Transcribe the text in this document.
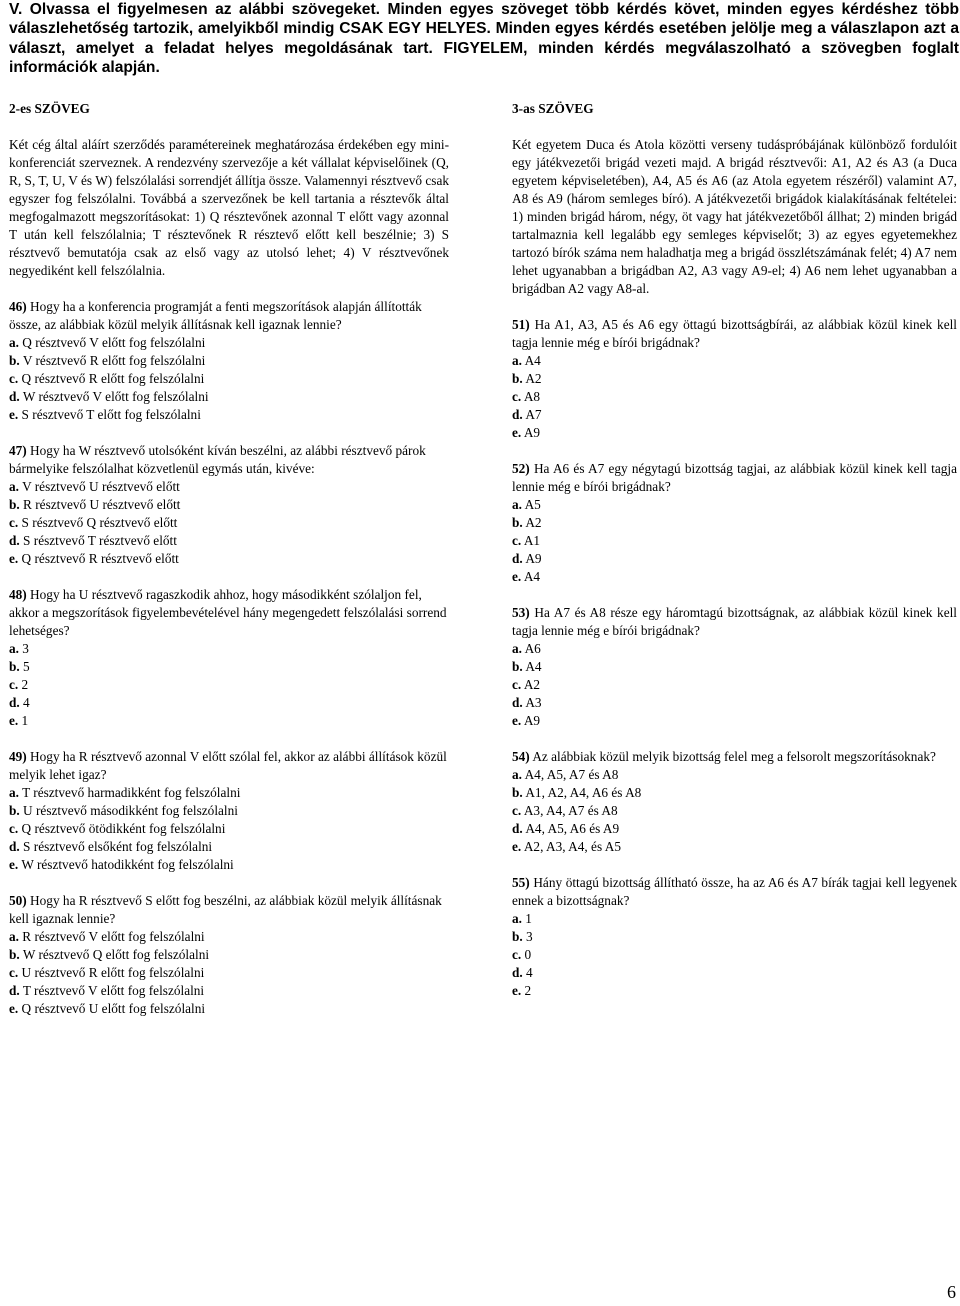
V. Olvassa el figyelmesen az alábbi szövegeket. Minden egyes szöveget több kérdés követ, minden egyes kérdéshez több válaszlehetőség tartozik, amelyikből mindig CSAK EGY HELYES. Minden egyes kérdés esetében jelölje meg a válaszlapon azt a választ, amelyet a feladat helyes megoldásának tart. FIGYELEM, minden kérdés megválaszolható a szövegben foglalt információk alapján.
2-es SZÖVEG
Két cég által aláírt szerződés paramétereinek meghatározása érdekében egy mini-konferenciát szerveznek. A rendezvény szervezője a két vállalat képviselőinek (Q, R, S, T, U, V és W) felszólalási sorrendjét állítja össze. Valamennyi résztvevő csak egyszer fog felszólalni. Továbbá a szervezőnek be kell tartania a résztevők által megfogalmazott megszorításokat: 1) Q résztevőnek azonnal T előtt vagy azonnal T után kell felszólalnia; T résztevőnek R résztevő előtt kell beszélnie; 3) S résztvevő bemutatója csak az első vagy az utolsó lehet; 4) V résztvevőnek negyediként kell felszólalnia.
46) Hogy ha a konferencia programját a fenti megszorítások alapján állították össze, az alábbiak közül melyik állításnak kell igaznak lennie?
a. Q résztvevő V előtt fog felszólalni
b. V résztvevő R előtt fog felszólalni
c. Q résztvevő R előtt fog felszólalni
d. W résztvevő V előtt fog felszólalni
e. S résztvevő T előtt fog felszólalni
47) Hogy ha W résztvevő utolsóként kíván beszélni, az alábbi résztvevő párok bármelyike felszólalhat közvetlenül egymás után, kivéve:
a. V résztvevő U résztvevő előtt
b. R résztvevő U résztvevő előtt
c. S résztvevő Q résztvevő előtt
d. S résztvevő T résztvevő előtt
e. Q résztvevő R résztvevő előtt
48) Hogy ha U résztvevő ragaszkodik ahhoz, hogy másodikként szólaljon fel, akkor a megszorítások figyelembevételével hány megengedett felszólalási sorrend lehetséges?
a. 3
b. 5
c. 2
d. 4
e. 1
49) Hogy ha R résztvevő azonnal V előtt szólal fel, akkor az alábbi állítások közül melyik lehet igaz?
a. T résztvevő harmadikként fog felszólalni
b. U résztvevő másodikként fog felszólalni
c. Q résztvevő ötödikként fog felszólalni
d. S résztvevő elsőként fog felszólalni
e. W résztvevő hatodikként fog felszólalni
50) Hogy ha R résztvevő S előtt fog beszélni, az alábbiak közül melyik állításnak kell igaznak lennie?
a. R résztvevő V előtt fog felszólalni
b. W résztvevő Q előtt fog felszólalni
c. U résztvevő R előtt fog felszólalni
d. T résztvevő V előtt fog felszólalni
e. Q résztvevő U előtt fog felszólalni
3-as SZÖVEG
Két egyetem Duca és Atola közötti verseny tudáspróbájának különböző fordulóit egy játékvezetői brigád vezeti majd. A brigád résztvevői: A1, A2 és A3 (a Duca egyetem képviseletében), A4, A5 és A6 (az Atola egyetem részéről) valamint A7, A8 és A9 (három semleges bíró). A játékvezetői brigádok kialakításának feltételei: 1) minden brigád három, négy, öt vagy hat játékvezetőből állhat; 2) minden brigád tartalmaznia kell legalább egy semleges képviselőt; 3) az egyes egyetemekhez tartozó bírók száma nem haladhatja meg a brigád összlétszámának felét; 4) A7 nem lehet ugyanabban a brigádban A2, A3 vagy A9-el; 4) A6 nem lehet ugyanabban a brigádban A2 vagy A8-al.
51) Ha A1, A3, A5 és A6 egy öttagú bizottságbírái, az alábbiak közül kinek kell tagja lennie még e bírói brigádnak?
a. A4
b. A2
c. A8
d. A7
e. A9
52) Ha A6 és A7 egy négytagú bizottság tagjai, az alábbiak közül kinek kell tagja lennie még e bírói brigádnak?
a. A5
b. A2
c. A1
d. A9
e. A4
53) Ha A7 és A8 része egy háromtagú bizottságnak, az alábbiak közül kinek kell tagja lennie még e bírói brigádnak?
a. A6
b. A4
c. A2
d. A3
e. A9
54) Az alábbiak közül melyik bizottság felel meg a felsorolt megszorításoknak?
a. A4, A5, A7 és A8
b. A1, A2, A4, A6 és A8
c. A3, A4, A7 és A8
d. A4, A5, A6 és A9
e. A2, A3, A4, és A5
55) Hány öttagú bizottság állítható össze, ha az A6 és A7 bírák tagjai kell legyenek ennek a bizottságnak?
a. 1
b. 3
c. 0
d. 4
e. 2
6
